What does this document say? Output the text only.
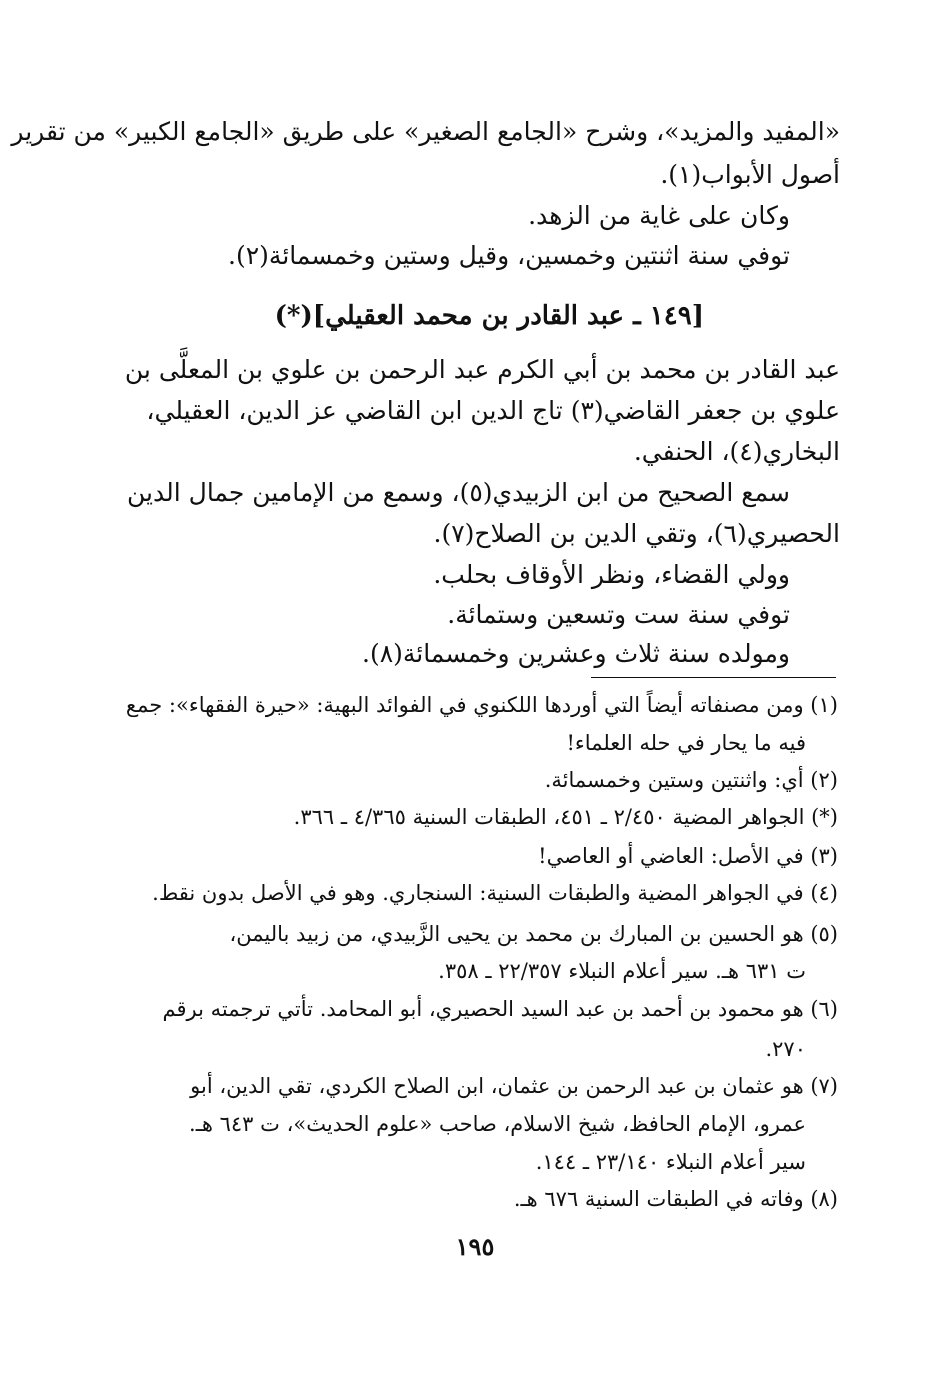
«المفيد والمزيد»، وشرح «الجامع الصغير» على طريق «الجامع الكبير» من تقرير
أصول الأبواب(١).
وكان على غاية من الزهد.
توفي سنة اثنتين وخمسين، وقيل وستين وخمسمائة(٢).
[١٤٩ ـ عبد القادر بن محمد العقيلي](*)
عبد القادر بن محمد بن أبي الكرم عبد الرحمن بن علوي بن المعلَّى بن
علوي بن جعفر القاضي(٣) تاج الدين ابن القاضي عز الدين، العقيلي،
البخاري(٤)، الحنفي.
سمع الصحيح من ابن الزبيدي(٥)، وسمع من الإمامين جمال الدين
الحصيري(٦)، وتقي الدين بن الصلاح(٧).
وولي القضاء، ونظر الأوقاف بحلب.
توفي سنة ست وتسعين وستمائة.
ومولده سنة ثلاث وعشرين وخمسمائة(٨).
(١) ومن مصنفاته أيضاً التي أوردها اللكنوي في الفوائد البهية: «حيرة الفقهاء»: جمع
فيه ما يحار في حله العلماء!
(٢) أي: واثنتين وستين وخمسمائة.
(*) الجواهر المضية ٢/٤٥٠ ـ ٤٥١، الطبقات السنية ٤/٣٦٥ ـ ٣٦٦.
(٣) في الأصل: العاضي أو العاصي!
(٤) في الجواهر المضية والطبقات السنية: السنجاري. وهو في الأصل بدون نقط.
(٥) هو الحسين بن المبارك بن محمد بن يحيى الزَّبيدي، من زبيد باليمن،
ت ٦٣١ هـ. سير أعلام النبلاء ٢٢/٣٥٧ ـ ٣٥٨.
(٦) هو محمود بن أحمد بن عبد السيد الحصيري، أبو المحامد. تأتي ترجمته برقم
٢٧٠.
(٧) هو عثمان بن عبد الرحمن بن عثمان، ابن الصلاح الكردي، تقي الدين، أبو
عمرو، الإمام الحافظ، شيخ الاسلام، صاحب «علوم الحديث»، ت ٦٤٣ هـ.
سير أعلام النبلاء ٢٣/١٤٠ ـ ١٤٤.
(٨) وفاته في الطبقات السنية ٦٧٦ هـ.
١٩٥
